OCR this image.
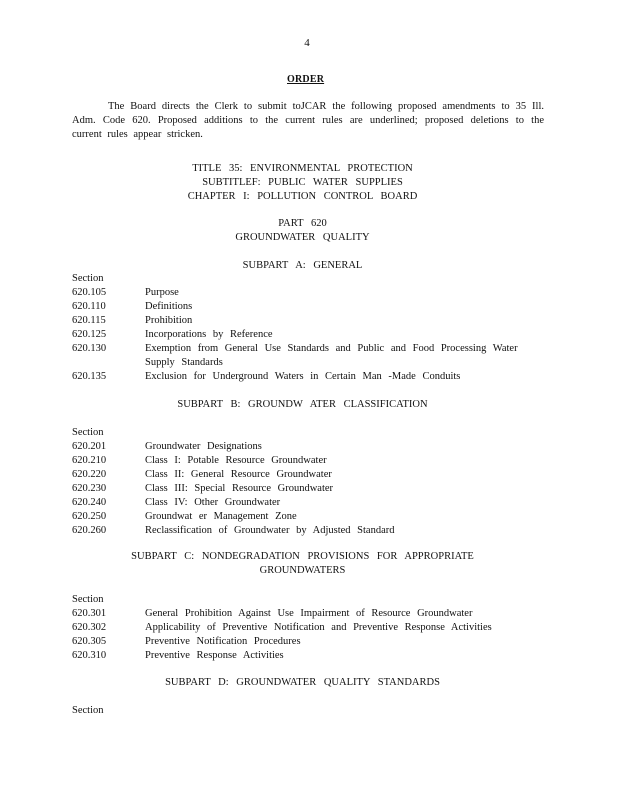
4
ORDER
The Board directs the Clerk to submit toJCAR the following proposed amendments to 35 Ill. Adm. Code 620. Proposed additions to the current rules are underlined; proposed deletions to the current rules appear stricken.
TITLE 35: ENVIRONMENTAL PROTECTION
SUBTITLEF: PUBLIC WATER SUPPLIES
CHAPTER I: POLLUTION CONTROL BOARD
PART 620
GROUNDWATER QUALITY
SUBPART A: GENERAL
Section
620.105	Purpose
620.110	Definitions
620.115	Prohibition
620.125	Incorporations by Reference
620.130	Exemption from General Use Standards and Public and Food Processing Water Supply Standards
620.135	Exclusion for Underground Waters in Certain Man -Made Conduits
SUBPART B: GROUNDW ATER CLASSIFICATION
Section
620.201	Groundwater Designations
620.210	Class I: Potable Resource Groundwater
620.220	Class II: General Resource Groundwater
620.230	Class III: Special Resource Groundwater
620.240	Class IV: Other Groundwater
620.250	Groundwat er Management Zone
620.260	Reclassification of Groundwater by Adjusted Standard
SUBPART C: NONDEGRADATION PROVISIONS FOR APPROPRIATE
GROUNDWATERS
Section
620.301	General Prohibition Against Use Impairment of Resource Groundwater
620.302	Applicability of Preventive Notification and Preventive Response Activities
620.305	Preventive Notification Procedures
620.310	Preventive Response Activities
SUBPART D: GROUNDWATER QUALITY STANDARDS
Section
